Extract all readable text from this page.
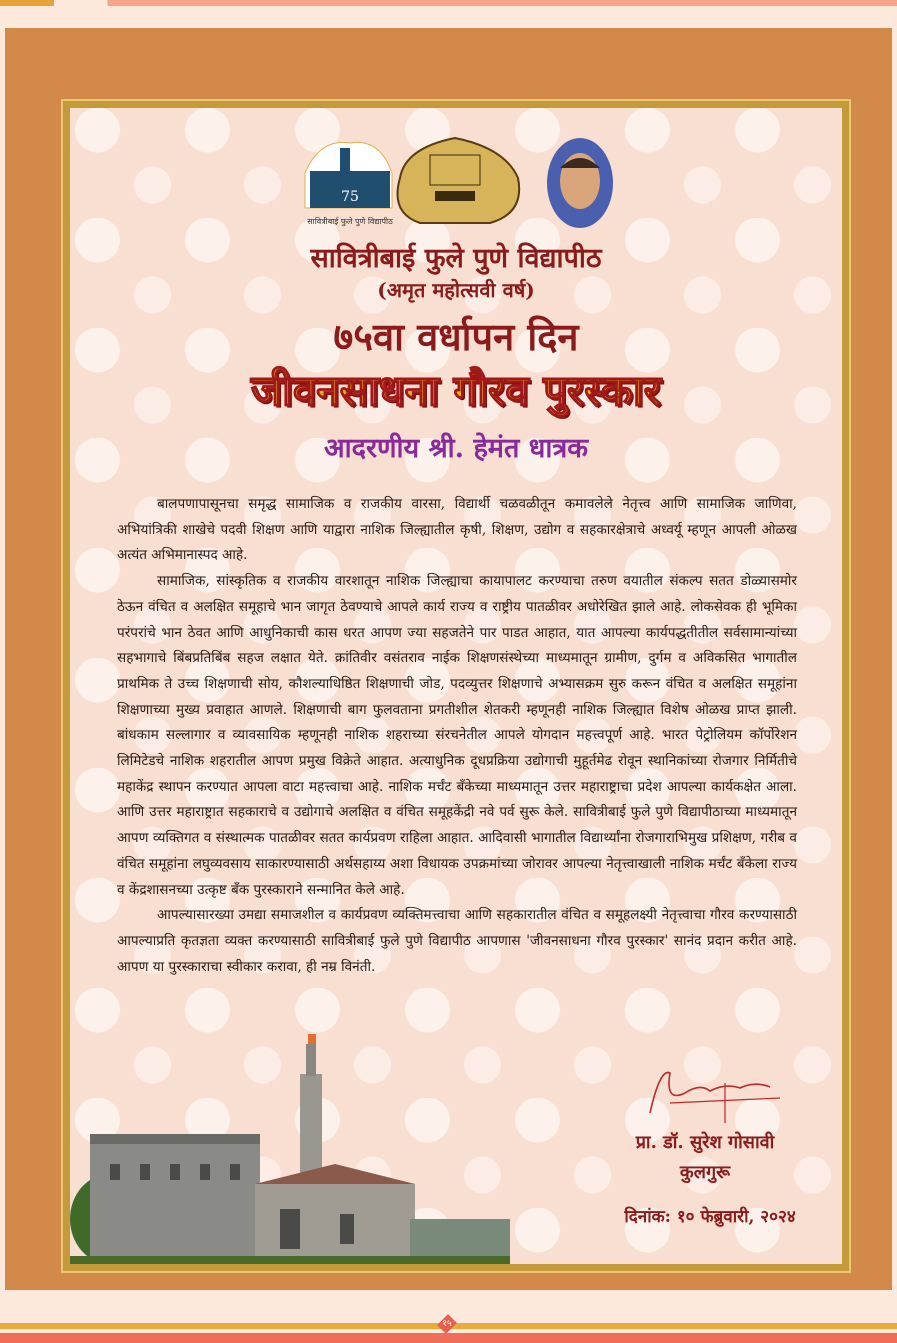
75
सावित्रीबाई फुले पुणे विद्यापीठ
सावित्रीबाई फुले पुणे विद्यापीठ
(अमृत महोत्सवी वर्ष)
७५वा वर्धापन दिन
जीवनसाधना गौरव पुरस्कार
आदरणीय श्री. हेमंत धात्रक

बालपणापासूनचा समृद्ध सामाजिक व राजकीय वारसा, विद्यार्थी चळवळीतून कमावलेले नेतृत्त्व आणि सामाजिक जाणिवा, अभियांत्रिकी शाखेचे पदवी शिक्षण आणि याद्वारा नाशिक जिल्ह्यातील कृषी, शिक्षण, उद्योग व सहकारक्षेत्राचे अध्वर्यू म्हणून आपली ओळख अत्यंत अभिमानास्पद आहे.

सामाजिक, सांस्कृतिक व राजकीय वारशातून नाशिक जिल्ह्याचा कायापालट करण्याचा तरुण वयातील संकल्प सतत डोळ्यासमोर ठेऊन वंचित व अलक्षित समूहाचे भान जागृत ठेवण्याचे आपले कार्य राज्य व राष्ट्रीय पातळीवर अधोरेखित झाले आहे. लोकसेवक ही भूमिका परंपरांचे भान ठेवत आणि आधुनिकाची कास धरत आपण ज्या सहजतेने पार पाडत आहात, यात आपल्या कार्यपद्धतीतील सर्वसामान्यांच्या सहभागाचे बिंबप्रतिबिंब सहज लक्षात येते. क्रांतिवीर वसंतराव नाईक शिक्षणसंस्थेच्या माध्यमातून ग्रामीण, दुर्गम व अविकसित भागातील प्राथमिक ते उच्च शिक्षणाची सोय, कौशल्याधिष्ठित शिक्षणाची जोड, पदव्युत्तर शिक्षणाचे अभ्यासक्रम सुरु करून वंचित व अलक्षित समूहांना शिक्षणाच्या मुख्य प्रवाहात आणले. शिक्षणाची बाग फुलवताना प्रगतीशील शेतकरी म्हणूनही नाशिक जिल्ह्यात विशेष ओळख प्राप्त झाली. बांधकाम सल्लागार व व्यावसायिक म्हणूनही नाशिक शहराच्या संरचनेतील आपले योगदान महत्त्वपूर्ण आहे. भारत पेट्रोलियम कॉर्पोरेशन लिमिटेडचे नाशिक शहरातील आपण प्रमुख विक्रेते आहात. अत्याधुनिक दूधप्रक्रिया उद्योगाची मुहूर्तमेढ रोवून स्थानिकांच्या रोजगार निर्मितीचे महाकेंद्र स्थापन करण्यात आपला वाटा महत्त्वाचा आहे. नाशिक मर्चंट बँकेच्या माध्यमातून उत्तर महाराष्ट्राचा प्रदेश आपल्या कार्यकक्षेत आला. आणि उत्तर महाराष्ट्रात सहकाराचे व उद्योगाचे अलक्षित व वंचित समूहकेंद्री नवे पर्व सुरू केले. सावित्रीबाई फुले पुणे विद्यापीठाच्या माध्यमातून आपण व्यक्तिगत व संस्थात्मक पातळीवर सतत कार्यप्रवण राहिला आहात. आदिवासी भागातील विद्यार्थ्यांना रोजगाराभिमुख प्रशिक्षण, गरीब व वंचित समूहांना लघुव्यवसाय साकारण्यासाठी अर्थसहाय्य अशा विधायक उपक्रमांच्या जोरावर आपल्या नेतृत्त्वाखाली नाशिक मर्चंट बँकेला राज्य व केंद्रशासनच्या उत्कृष्ट बँक पुरस्काराने सन्मानित केले आहे.

आपल्यासारख्या उमद्या समाजशील व कार्यप्रवण व्यक्तिमत्त्वाचा आणि सहकारातील वंचित व समूहलक्ष्यी नेतृत्त्वाचा गौरव करण्यासाठी आपल्याप्रति कृतज्ञता व्यक्त करण्यासाठी सावित्रीबाई फुले पुणे विद्यापीठ आपणास 'जीवनसाधना गौरव पुरस्कार' सानंद प्रदान करीत आहे. आपण या पुरस्काराचा स्वीकार करावा, ही नम्र विनंती.

प्रा. डॉ. सुरेश गोसावी
कुलगुरू
दिनांक: १० फेब्रुवारी, २०२४
१५
